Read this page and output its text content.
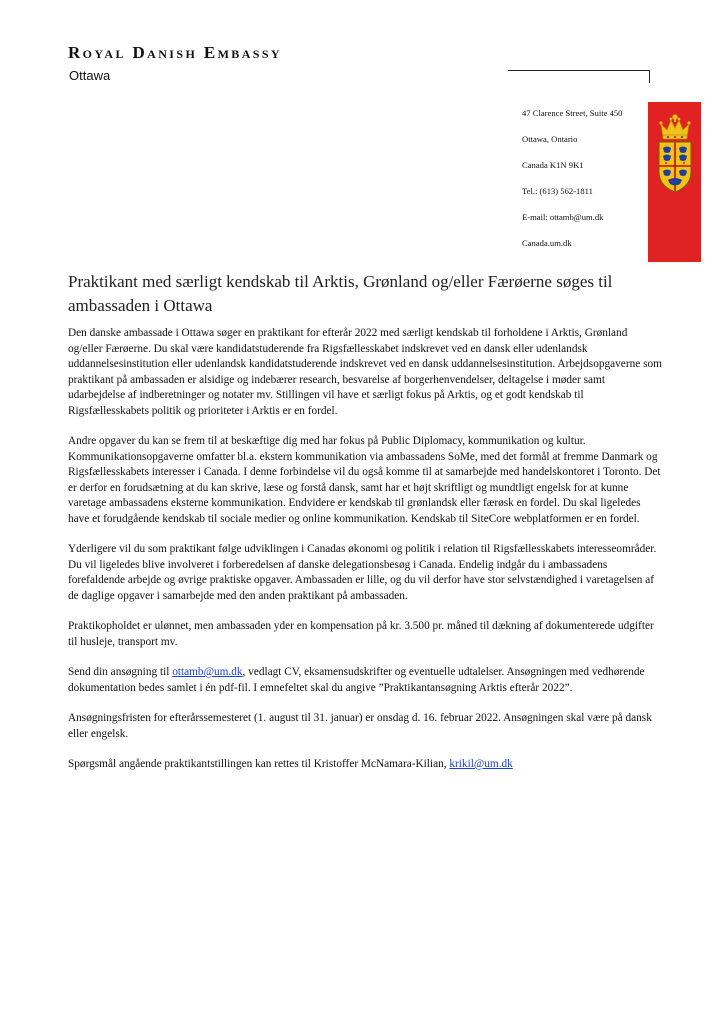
Royal Danish Embassy
Ottawa
47 Clarence Street, Suite 450
Ottawa, Ontario
Canada K1N 9K1
Tel.: (613) 562-1811
E-mail: ottamb@um.dk
Canada.um.dk
Praktikant med særligt kendskab til Arktis, Grønland og/eller Færøerne søges til ambassaden i Ottawa

Den danske ambassade i Ottawa søger en praktikant for efterår 2022 med særligt kendskab til forholdene i Arktis, Grønland og/eller Færøerne. Du skal være kandidatstuderende fra Rigsfællesskabet indskrevet ved en dansk eller udenlandsk uddannelsesinstitution eller udenlandsk kandidatstuderende indskrevet ved en dansk uddannelsesinstitution. Arbejdsopgaverne som praktikant på ambassaden er alsidige og indebærer research, besvarelse af borgerhenvendelser, deltagelse i møder samt udarbejdelse af indberetninger og notater mv. Stillingen vil have et særligt fokus på Arktis, og et godt kendskab til Rigsfællesskabets politik og prioriteter i Arktis er en fordel.

Andre opgaver du kan se frem til at beskæftige dig med har fokus på Public Diplomacy, kommunikation og kultur. Kommunikationsopgaverne omfatter bl.a. ekstern kommunikation via ambassadens SoMe, med det formål at fremme Danmark og Rigsfællesskabets interesser i Canada. I denne forbindelse vil du også komme til at samarbejde med handelskontoret i Toronto. Det er derfor en forudsætning at du kan skrive, læse og forstå dansk, samt har et højt skriftligt og mundtligt engelsk for at kunne varetage ambassadens eksterne kommunikation. Endvidere er kendskab til grønlandsk eller færøsk en fordel. Du skal ligeledes have et forudgående kendskab til sociale medier og online kommunikation. Kendskab til SiteCore webplatformen er en fordel.

Yderligere vil du som praktikant følge udviklingen i Canadas økonomi og politik i relation til Rigsfællesskabets interesseområder. Du vil ligeledes blive involveret i forberedelsen af danske delegationsbesøg i Canada. Endelig indgår du i ambassadens forefaldende arbejde og øvrige praktiske opgaver. Ambassaden er lille, og du vil derfor have stor selvstændighed i varetagelsen af de daglige opgaver i samarbejde med den anden praktikant på ambassaden.

Praktikopholdet er ulønnet, men ambassaden yder en kompensation på kr. 3.500 pr. måned til dækning af dokumenterede udgifter til husleje, transport mv.

Send din ansøgning til ottamb@um.dk, vedlagt CV, eksamensudskrifter og eventuelle udtalelser. Ansøgningen med vedhørende dokumentation bedes samlet i én pdf-fil. I emnefeltet skal du angive ”Praktikantansøgning Arktis efterår 2022”.

Ansøgningsfristen for efterårssemesteret (1. august til 31. januar) er onsdag d. 16. februar 2022. Ansøgningen skal være på dansk eller engelsk.

Spørgsmål angående praktikantstillingen kan rettes til Kristoffer McNamara-Kilian, krikil@um.dk
